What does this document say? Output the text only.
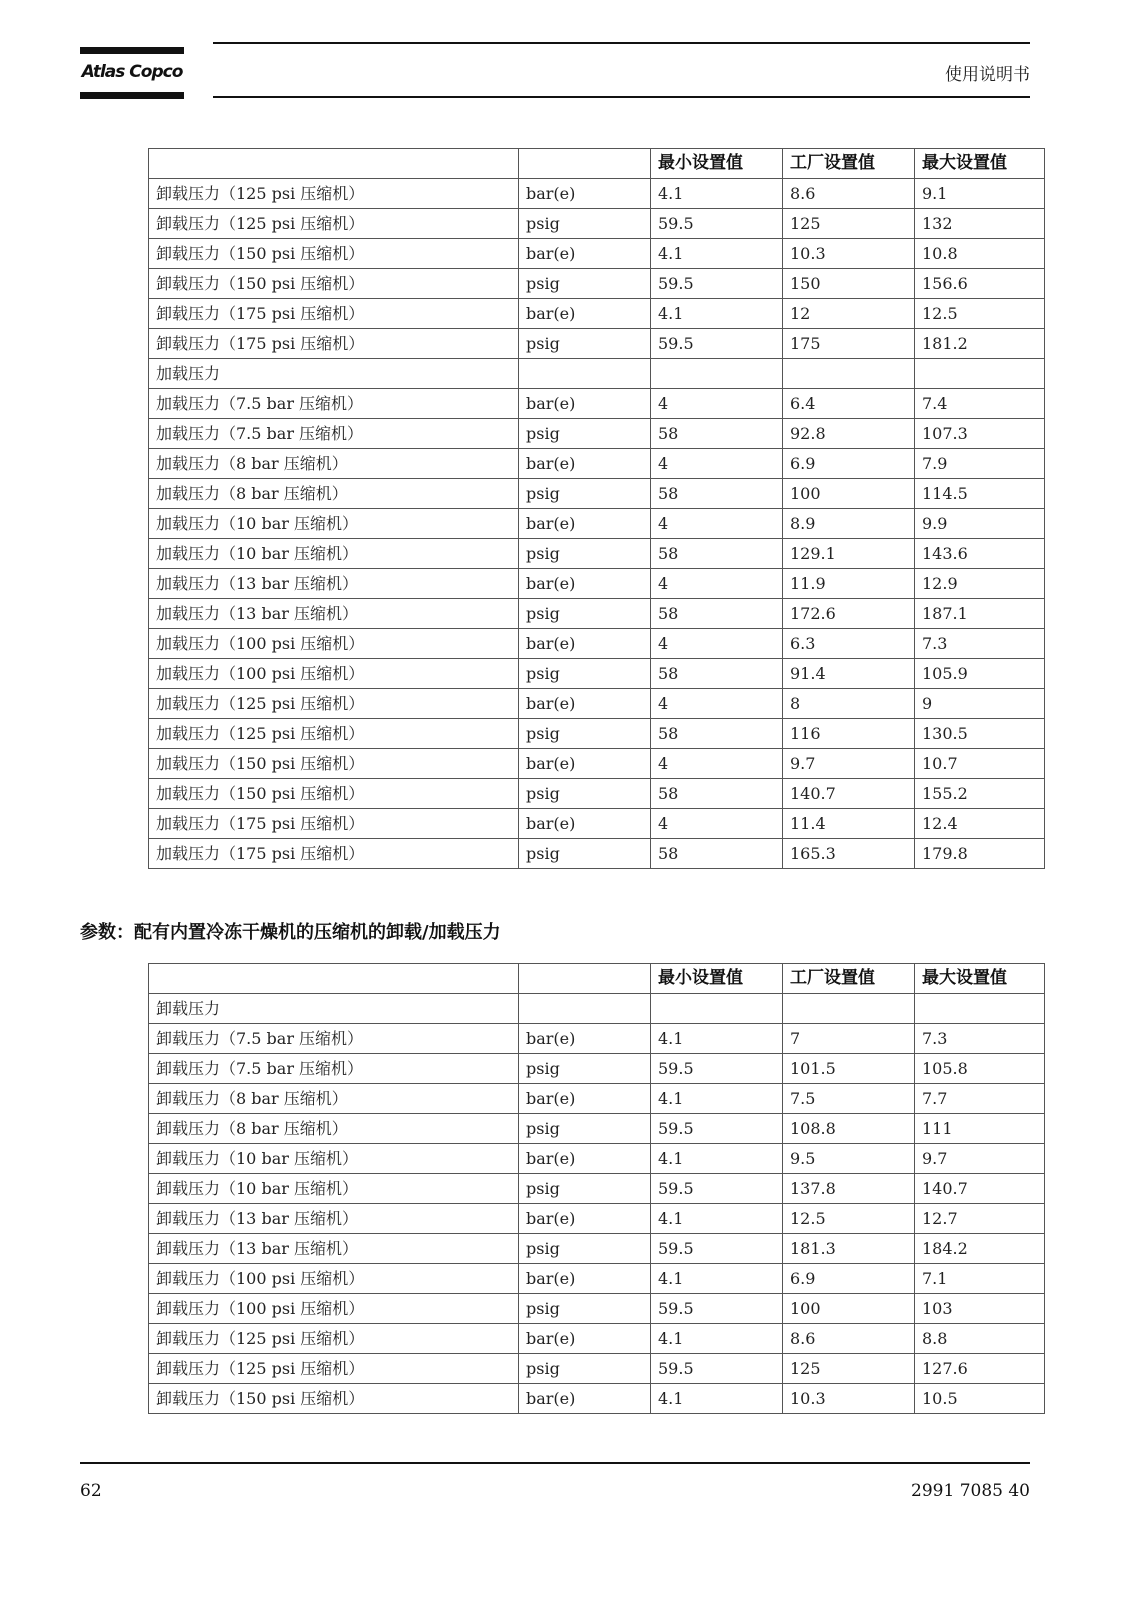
Atlas Copco	使用说明书
		最小设置值	工厂设置值	最大设置值
卸载压力（125 psi 压缩机）	bar(e)	4.1	8.6	9.1
卸载压力（125 psi 压缩机）	psig	59.5	125	132
卸载压力（150 psi 压缩机）	bar(e)	4.1	10.3	10.8
卸载压力（150 psi 压缩机）	psig	59.5	150	156.6
卸载压力（175 psi 压缩机）	bar(e)	4.1	12	12.5
卸载压力（175 psi 压缩机）	psig	59.5	175	181.2
加载压力				
加载压力（7.5 bar 压缩机）	bar(e)	4	6.4	7.4
加载压力（7.5 bar 压缩机）	psig	58	92.8	107.3
加载压力（8 bar 压缩机）	bar(e)	4	6.9	7.9
加载压力（8 bar 压缩机）	psig	58	100	114.5
加载压力（10 bar 压缩机）	bar(e)	4	8.9	9.9
加载压力（10 bar 压缩机）	psig	58	129.1	143.6
加载压力（13 bar 压缩机）	bar(e)	4	11.9	12.9
加载压力（13 bar 压缩机）	psig	58	172.6	187.1
加载压力（100 psi 压缩机）	bar(e)	4	6.3	7.3
加载压力（100 psi 压缩机）	psig	58	91.4	105.9
加载压力（125 psi 压缩机）	bar(e)	4	8	9
加载压力（125 psi 压缩机）	psig	58	116	130.5
加载压力（150 psi 压缩机）	bar(e)	4	9.7	10.7
加载压力（150 psi 压缩机）	psig	58	140.7	155.2
加载压力（175 psi 压缩机）	bar(e)	4	11.4	12.4
加载压力（175 psi 压缩机）	psig	58	165.3	179.8
参数：配有内置冷冻干燥机的压缩机的卸载/加载压力
		最小设置值	工厂设置值	最大设置值
卸载压力				
卸载压力（7.5 bar 压缩机）	bar(e)	4.1	7	7.3
卸载压力（7.5 bar 压缩机）	psig	59.5	101.5	105.8
卸载压力（8 bar 压缩机）	bar(e)	4.1	7.5	7.7
卸载压力（8 bar 压缩机）	psig	59.5	108.8	111
卸载压力（10 bar 压缩机）	bar(e)	4.1	9.5	9.7
卸载压力（10 bar 压缩机）	psig	59.5	137.8	140.7
卸载压力（13 bar 压缩机）	bar(e)	4.1	12.5	12.7
卸载压力（13 bar 压缩机）	psig	59.5	181.3	184.2
卸载压力（100 psi 压缩机）	bar(e)	4.1	6.9	7.1
卸载压力（100 psi 压缩机）	psig	59.5	100	103
卸载压力（125 psi 压缩机）	bar(e)	4.1	8.6	8.8
卸载压力（125 psi 压缩机）	psig	59.5	125	127.6
卸载压力（150 psi 压缩机）	bar(e)	4.1	10.3	10.5
62	2991 7085 40
